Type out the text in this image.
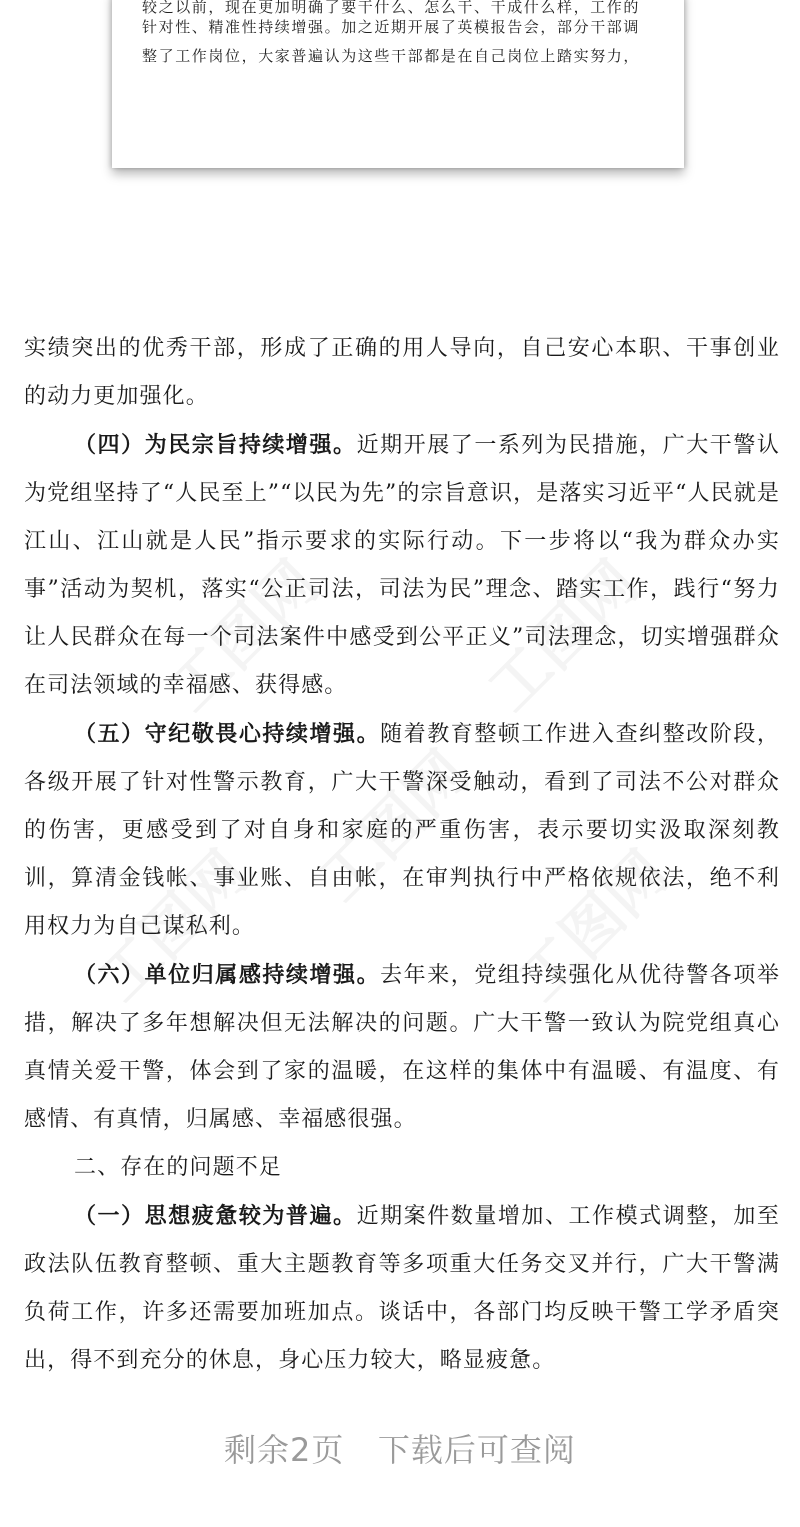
较之以前，现在更加明确了要干什么、怎么干、干成什么样，工作的
针对性、精准性持续增强。加之近期开展了英模报告会，部分干部调
整了工作岗位，大家普遍认为这些干部都是在自己岗位上踏实努力，

实绩突出的优秀干部，形成了正确的用人导向，自己安心本职、干事创业的动力更加强化。

（四）为民宗旨持续增强。近期开展了一系列为民措施，广大干警认为党组坚持了“人民至上”“以民为先”的宗旨意识，是落实习近平“人民就是江山、江山就是人民”指示要求的实际行动。下一步将以“我为群众办实事”活动为契机，落实“公正司法，司法为民”理念、踏实工作，践行“努力让人民群众在每一个司法案件中感受到公平正义”司法理念，切实增强群众在司法领域的幸福感、获得感。

（五）守纪敬畏心持续增强。随着教育整顿工作进入查纠整改阶段，各级开展了针对性警示教育，广大干警深受触动，看到了司法不公对群众的伤害，更感受到了对自身和家庭的严重伤害，表示要切实汲取深刻教训，算清金钱帐、事业账、自由帐，在审判执行中严格依规依法，绝不利用权力为自己谋私利。

（六）单位归属感持续增强。去年来，党组持续强化从优待警各项举措，解决了多年想解决但无法解决的问题。广大干警一致认为院党组真心真情关爱干警，体会到了家的温暖，在这样的集体中有温暖、有温度、有感情、有真情，归属感、幸福感很强。

二、存在的问题不足

（一）思想疲惫较为普遍。近期案件数量增加、工作模式调整，加至政法队伍教育整顿、重大主题教育等多项重大任务交叉并行，广大干警满负荷工作，许多还需要加班加点。谈话中，各部门均反映干警工学矛盾突出，得不到充分的休息，身心压力较大，略显疲惫。

剩余2页   下载后可查阅
